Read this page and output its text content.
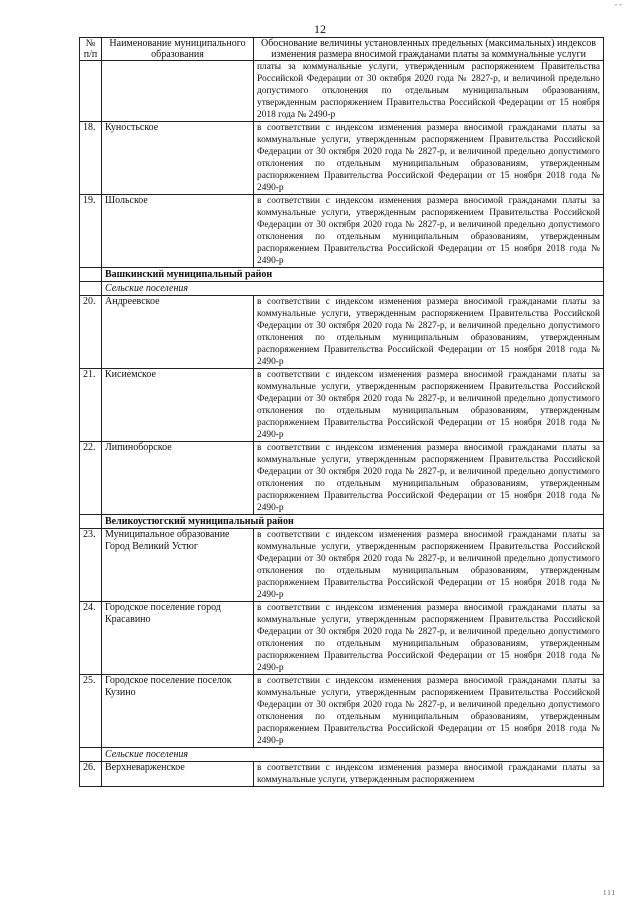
- -
12
№ п/п	Наименование муниципального образования	Обоснование величины установленных предельных (максимальных) индексов изменения размера вносимой гражданами платы за коммунальные услуги
		платы за коммунальные услуги, утвержденным распоряжением Правительства Российской Федерации от 30 октября 2020 года № 2827-р, и величиной предельно допустимого отклонения по отдельным муниципальным образованиям, утвержденным распоряжением Правительства Российской Федерации от 15 ноября 2018 года № 2490-р
18.	Куностьское	в соответствии с индексом изменения размера вносимой гражданами платы за коммунальные услуги, утвержденным распоряжением Правительства Российской Федерации от 30 октября 2020 года № 2827-р, и величиной предельно допустимого отклонения по отдельным муниципальным образованиям, утвержденным распоряжением Правительства Российской Федерации от 15 ноября 2018 года № 2490-р
19.	Шольское	в соответствии с индексом изменения размера вносимой гражданами платы за коммунальные услуги, утвержденным распоряжением Правительства Российской Федерации от 30 октября 2020 года № 2827-р, и величиной предельно допустимого отклонения по отдельным муниципальным образованиям, утвержденным распоряжением Правительства Российской Федерации от 15 ноября 2018 года № 2490-р
	Вашкинский муниципальный район	
	Сельские поселения	
20.	Андреевское	в соответствии с индексом изменения размера вносимой гражданами платы за коммунальные услуги, утвержденным распоряжением Правительства Российской Федерации от 30 октября 2020 года № 2827-р, и величиной предельно допустимого отклонения по отдельным муниципальным образованиям, утвержденным распоряжением Правительства Российской Федерации от 15 ноября 2018 года № 2490-р
21.	Кисиемское	в соответствии с индексом изменения размера вносимой гражданами платы за коммунальные услуги, утвержденным распоряжением Правительства Российской Федерации от 30 октября 2020 года № 2827-р, и величиной предельно допустимого отклонения по отдельным муниципальным образованиям, утвержденным распоряжением Правительства Российской Федерации от 15 ноября 2018 года № 2490-р
22.	Липиноборское	в соответствии с индексом изменения размера вносимой гражданами платы за коммунальные услуги, утвержденным распоряжением Правительства Российской Федерации от 30 октября 2020 года № 2827-р, и величиной предельно допустимого отклонения по отдельным муниципальным образованиям, утвержденным распоряжением Правительства Российской Федерации от 15 ноября 2018 года № 2490-р
	Великоустюгский муниципальный район	
23.	Муниципальное образование Город Великий Устюг	в соответствии с индексом изменения размера вносимой гражданами платы за коммунальные услуги, утвержденным распоряжением Правительства Российской Федерации от 30 октября 2020 года № 2827-р, и величиной предельно допустимого отклонения по отдельным муниципальным образованиям, утвержденным распоряжением Правительства Российской Федерации от 15 ноября 2018 года № 2490-р
24.	Городское поселение город Красавино	в соответствии с индексом изменения размера вносимой гражданами платы за коммунальные услуги, утвержденным распоряжением Правительства Российской Федерации от 30 октября 2020 года № 2827-р, и величиной предельно допустимого отклонения по отдельным муниципальным образованиям, утвержденным распоряжением Правительства Российской Федерации от 15 ноября 2018 года № 2490-р
25.	Городское поселение поселок Кузино	в соответствии с индексом изменения размера вносимой гражданами платы за коммунальные услуги, утвержденным распоряжением Правительства Российской Федерации от 30 октября 2020 года № 2827-р, и величиной предельно допустимого отклонения по отдельным муниципальным образованиям, утвержденным распоряжением Правительства Российской Федерации от 15 ноября 2018 года № 2490-р
	Сельские поселения	
26.	Верхневарженское	в соответствии с индексом изменения размера вносимой гражданами платы за коммунальные услуги, утвержденным распоряжением
111
